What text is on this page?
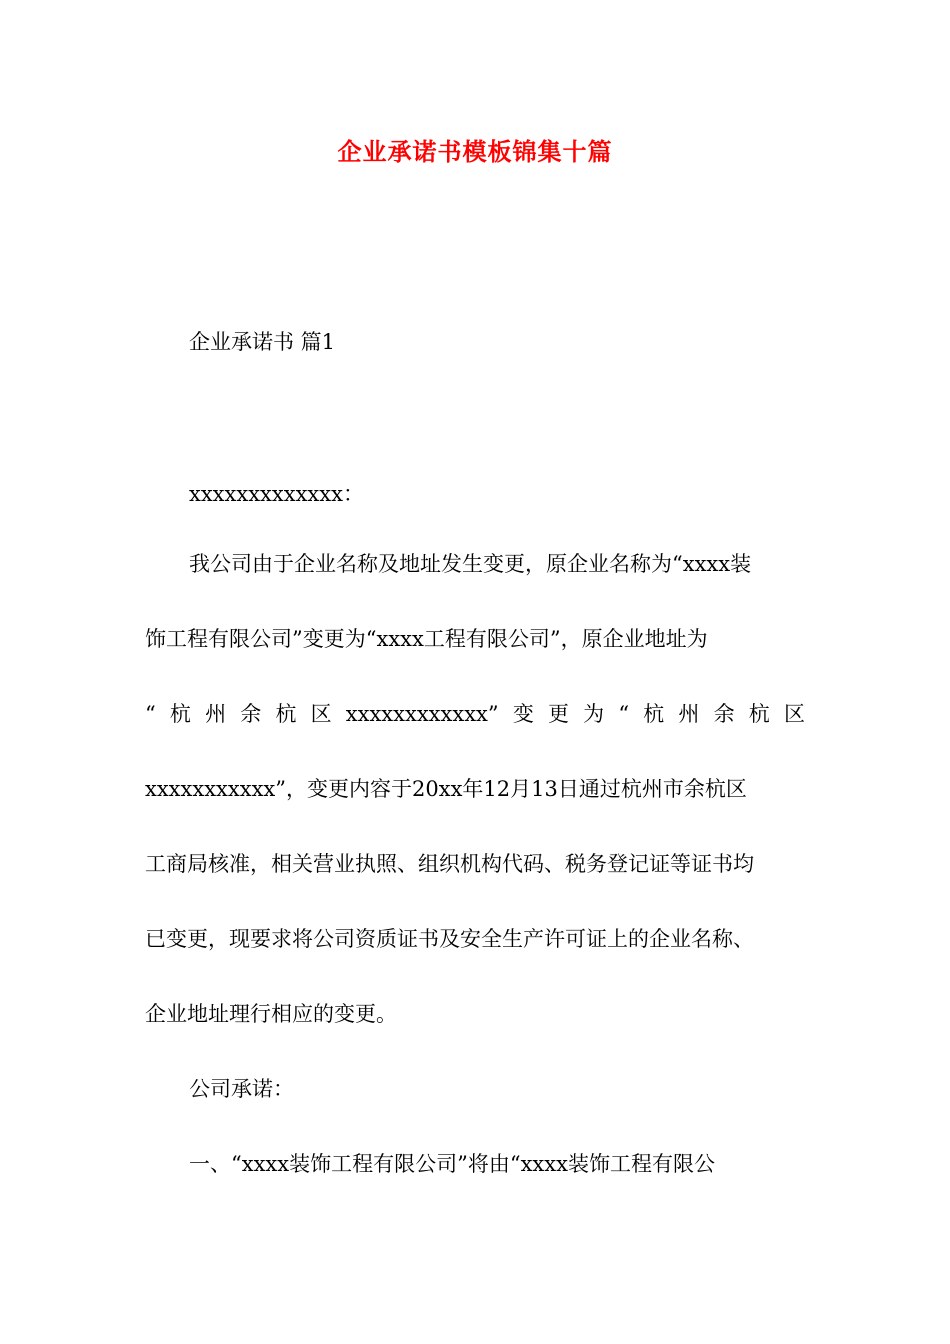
企业承诺书模板锦集十篇
企业承诺书 篇1
xxxxxxxxxxxxx：
我公司由于企业名称及地址发生变更，原企业名称为“xxxx装
饰工程有限公司”变更为“xxxx工程有限公司”，原企业地址为
“ 杭 州 余 杭 区 xxxxxxxxxxxx” 变 更 为 “ 杭 州 余 杭 区
xxxxxxxxxxx”，变更内容于20xx年12月13日通过杭州市余杭区
工商局核准，相关营业执照、组织机构代码、税务登记证等证书均
已变更，现要求将公司资质证书及安全生产许可证上的企业名称、
企业地址理行相应的变更。
公司承诺：
一、“xxxx装饰工程有限公司”将由“xxxx装饰工程有限公
